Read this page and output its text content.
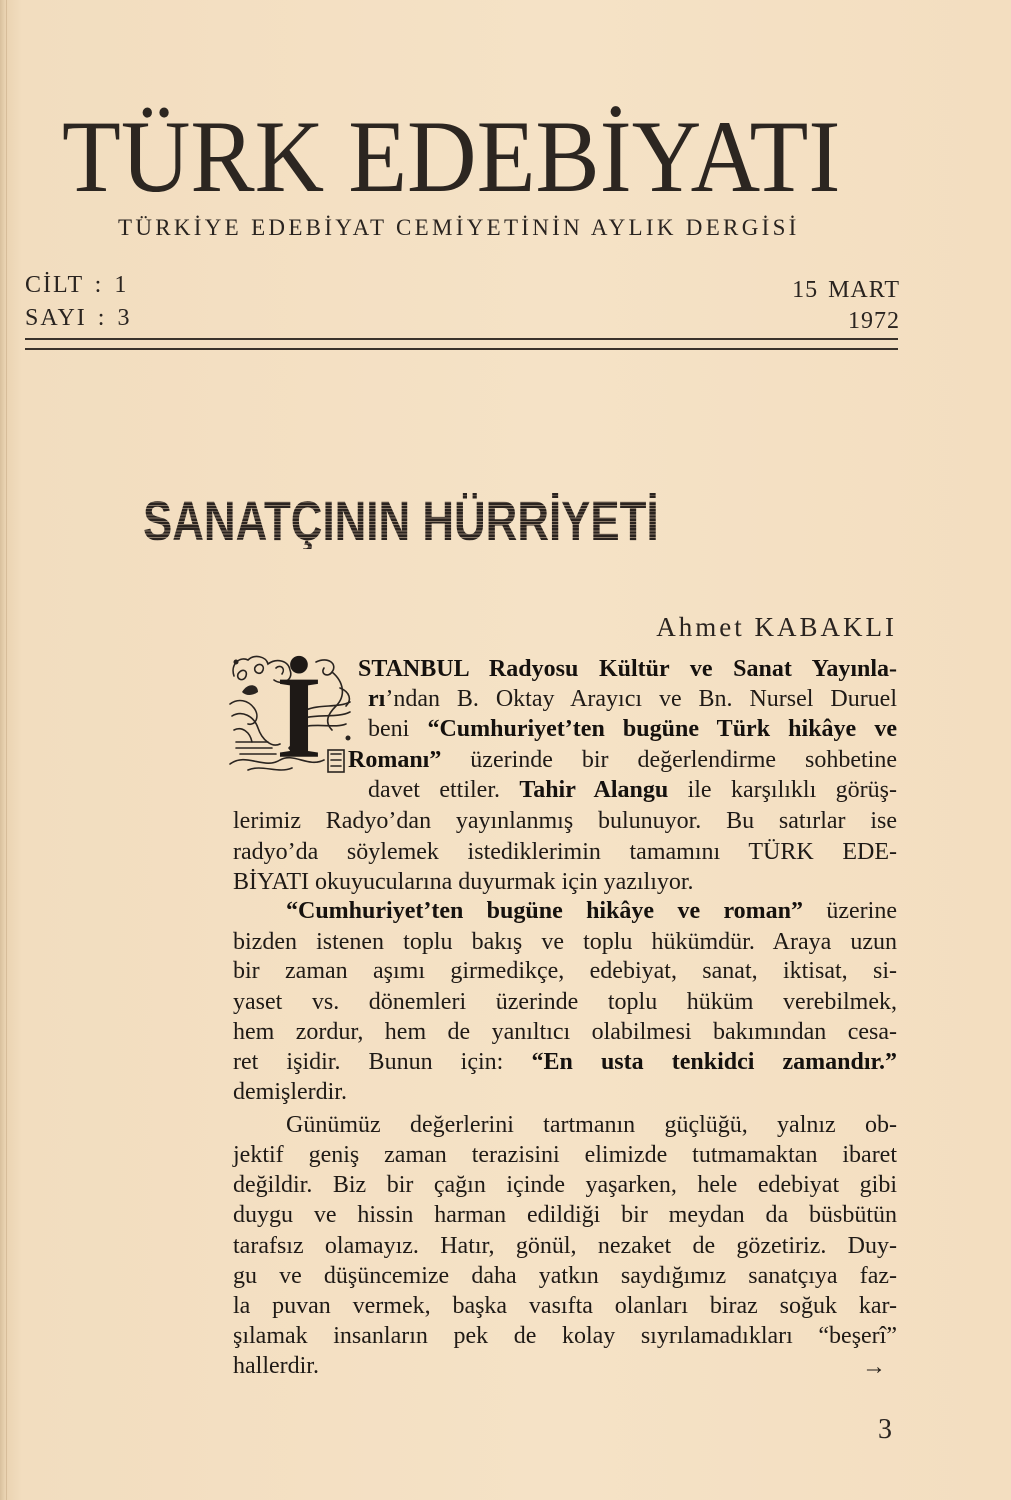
TÜRK EDEBİYATI
TÜRKİYE EDEBİYAT CEMİYETİNİN AYLIK DERGİSİ
CİLT : 1
SAYI : 3
15 MART
1972
SANATÇININ HÜRRİYETİ
Ahmet KABAKLI
İ STANBUL Radyosu Kültür ve Sanat Yayınla-
rı’ndan B. Oktay Arayıcı ve Bn. Nursel Duruel
beni “Cumhuriyet’ten bugüne Türk hikâye ve
Romanı” üzerinde bir değerlendirme sohbetine
davet ettiler. Tahir Alangu ile karşılıklı görüş-
lerimiz Radyo’dan yayınlanmış bulunuyor. Bu satırlar ise
radyo’da söylemek istediklerimin tamamını TÜRK EDE-
BİYATI okuyucularına duyurmak için yazılıyor.
“Cumhuriyet’ten bugüne hikâye ve roman” üzerine
bizden istenen toplu bakış ve toplu hükümdür. Araya uzun
bir zaman aşımı girmedikçe, edebiyat, sanat, iktisat, si-
yaset vs. dönemleri üzerinde toplu hüküm verebilmek,
hem zordur, hem de yanıltıcı olabilmesi bakımından cesa-
ret işidir. Bunun için: “En usta tenkidci zamandır.”
demişlerdir.
Günümüz değerlerini tartmanın güçlüğü, yalnız ob-
jektif geniş zaman terazisini elimizde tutmamaktan ibaret
değildir. Biz bir çağın içinde yaşarken, hele edebiyat gibi
duygu ve hissin harman edildiği bir meydan da büsbütün
tarafsız olamayız. Hatır, gönül, nezaket de gözetiriz. Duy-
gu ve düşüncemize daha yatkın saydığımız sanatçıya faz-
la puvan vermek, başka vasıfta olanları biraz soğuk kar-
şılamak insanların pek de kolay sıyrılamadıkları “beşerî”
hallerdir.	→
3
